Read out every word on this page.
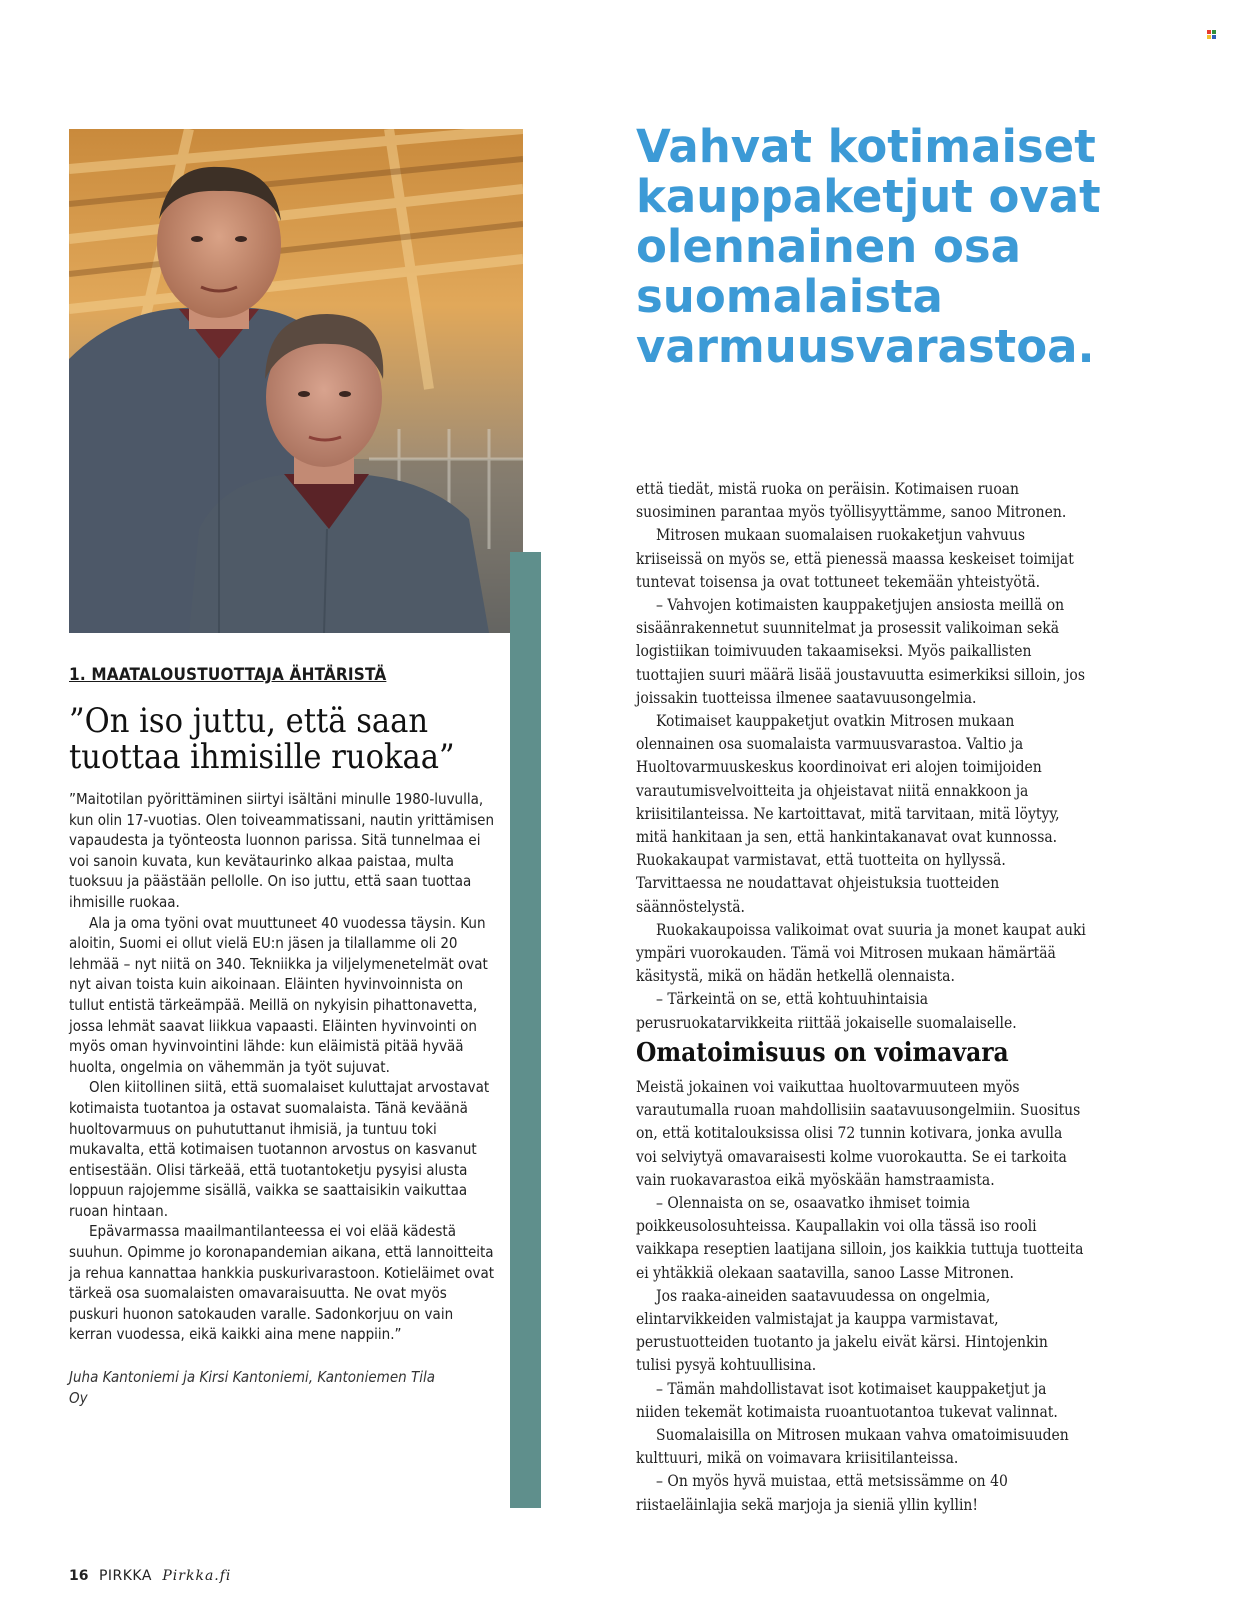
1. MAATALOUSTUOTTAJA ÄHTÄRISTÄ

”On iso juttu, että saan tuottaa ihmisille ruokaa”

”Maitotilan pyörittäminen siirtyi isältäni minulle 1980-luvulla, kun olin 17-vuotias. Olen toiveammatissani, nautin yrittämisen vapaudesta ja työnteosta luonnon parissa. Sitä tunnelmaa ei voi sanoin kuvata, kun kevätaurinko alkaa paistaa, multa tuoksuu ja päästään pellolle. On iso juttu, että saan tuottaa ihmisille ruokaa.

Ala ja oma työni ovat muuttuneet 40 vuodessa täysin. Kun aloitin, Suomi ei ollut vielä EU:n jäsen ja tilallamme oli 20 lehmää – nyt niitä on 340. Tekniikka ja viljelymenetelmät ovat nyt aivan toista kuin aikoinaan. Eläinten hyvinvoinnista on tullut entistä tärkeämpää. Meillä on nykyisin pihattonavetta, jossa lehmät saavat liikkua vapaasti. Eläinten hyvinvointi on myös oman hyvinvointini lähde: kun eläimistä pitää hyvää huolta, ongelmia on vähemmän ja työt sujuvat.

Olen kiitollinen siitä, että suomalaiset kuluttajat arvostavat kotimaista tuotantoa ja ostavat suomalaista. Tänä keväänä huoltovarmuus on puhututtanut ihmisiä, ja tuntuu toki mukavalta, että kotimaisen tuotannon arvostus on kasvanut entisestään. Olisi tärkeää, että tuotantoketju pysyisi alusta loppuun rajojemme sisällä, vaikka se saattaisikin vaikuttaa ruoan hintaan.

Epävarmassa maailmantilanteessa ei voi elää kädestä suuhun. Opimme jo koronapandemian aikana, että lannoitteita ja rehua kannattaa hankkia puskurivarastoon. Kotieläimet ovat tärkeä osa suomalaisten omavaraisuutta. Ne ovat myös puskuri huonon satokauden varalle. Sadonkorjuu on vain kerran vuodessa, eikä kaikki aina mene nappiin.”

Juha Kantoniemi ja Kirsi Kantoniemi, Kantoniemen Tila Oy
Vahvat kotimaiset kauppaketjut ovat olennainen osa suomalaista varmuusvarastoa.

että tiedät, mistä ruoka on peräisin. Kotimaisen ruoan suosiminen parantaa myös työllisyyttämme, sanoo Mitronen.

Mitrosen mukaan suomalaisen ruokaketjun vahvuus kriiseissä on myös se, että pienessä maassa keskeiset toimijat tuntevat toisensa ja ovat tottuneet tekemään yhteistyötä.

– Vahvojen kotimaisten kauppaketjujen ansiosta meillä on sisäänrakennetut suunnitelmat ja prosessit valikoiman sekä logistiikan toimivuuden takaamiseksi. Myös paikallisten tuottajien suuri määrä lisää joustavuutta esimerkiksi silloin, jos joissakin tuotteissa ilmenee saatavuusongelmia.

Kotimaiset kauppaketjut ovatkin Mitrosen mukaan olennainen osa suomalaista varmuusvarastoa. Valtio ja Huoltovarmuuskeskus koordinoivat eri alojen toimijoiden varautumisvelvoitteita ja ohjeistavat niitä ennakkoon ja kriisitilanteissa. Ne kartoittavat, mitä tarvitaan, mitä löytyy, mitä hankitaan ja sen, että hankintakanavat ovat kunnossa. Ruokakaupat varmistavat, että tuotteita on hyllyssä. Tarvittaessa ne noudattavat ohjeistuksia tuotteiden säännöstelystä.

Ruokakaupoissa valikoimat ovat suuria ja monet kaupat auki ympäri vuorokauden. Tämä voi Mitrosen mukaan hämärtää käsitystä, mikä on hädän hetkellä olennaista.

– Tärkeintä on se, että kohtuuhintaisia perusruokatarvikkeita riittää jokaiselle suomalaiselle.

Omatoimisuus on voimavara

Meistä jokainen voi vaikuttaa huoltovarmuuteen myös varautumalla ruoan mahdollisiin saatavuusongelmiin. Suositus on, että kotitalouksissa olisi 72 tunnin kotivara, jonka avulla voi selviytyä omavaraisesti kolme vuorokautta. Se ei tarkoita vain ruokavarastoa eikä myöskään hamstraamista.

– Olennaista on se, osaavatko ihmiset toimia poikkeusolosuhteissa. Kaupallakin voi olla tässä iso rooli vaikkapa reseptien laatijana silloin, jos kaikkia tuttuja tuotteita ei yhtäkkiä olekaan saatavilla, sanoo Lasse Mitronen.

Jos raaka-aineiden saatavuudessa on ongelmia, elintarvikkeiden valmistajat ja kauppa varmistavat, perustuotteiden tuotanto ja jakelu eivät kärsi. Hintojenkin tulisi pysyä kohtuullisina.

– Tämän mahdollistavat isot kotimaiset kauppaketjut ja niiden tekemät kotimaista ruoantuotantoa tukevat valinnat.

Suomalaisilla on Mitrosen mukaan vahva omatoimisuuden kulttuuri, mikä on voimavara kriisitilanteissa.

– On myös hyvä muistaa, että metsissämme on 40 riistaeläinlajia sekä marjoja ja sieniä yllin kyllin!

16 PIRKKA Pirkka.fi
